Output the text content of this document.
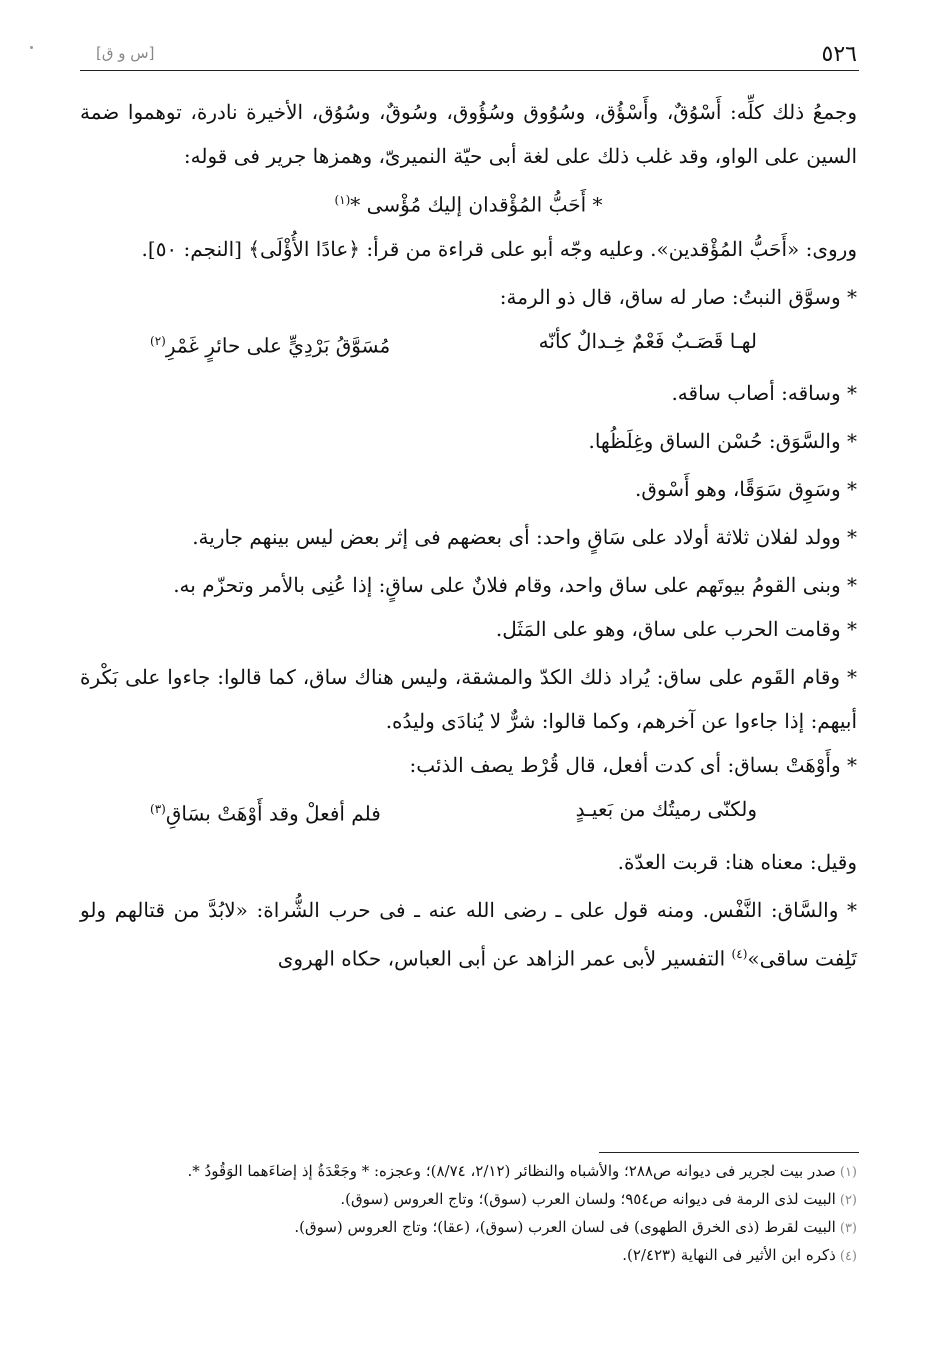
٥٢٦
[س و ق]

وجمعُ ذلك كلِّه: أَسْوُقٌ، وأَسْؤُق، وسُوُوق وسُؤُوق، وسُوقٌ، وسُوُق، الأخيرة نادرة، توهموا ضمة السين على الواو، وقد غلب ذلك على لغة أبى حيّة النميرىّ، وهمزها جرير فى قوله:

* أَحَبُّ المُؤْقدان إليك مُؤْسى *$^{(١)}$

وروى: «أَحَبُّ المُؤْقدين». وعليه وجّه أبو على قراءة من قرأ: ﴿عادًا الأُؤْلَى﴾ [النجم: ٥٠].

* وسوَّق النبتُ: صار له ساق، قال ذو الرمة:

لهـا قَصَـبٌ فَعْمٌ خِـدالٌ كأنّه
مُسَوَّقُ بَرْدِيٍّ على حائرٍ غَمْرِ$^{(٢)}$

* وساقه: أصاب ساقه.

* والسَّوَق: حُسْن الساق وغِلَظُها.

* وسَوِق سَوَقًا، وهو أَسْوق.

* وولد لفلان ثلاثة أولاد على سَاقٍ واحد: أى بعضهم فى إثر بعض ليس بينهم جارية.

* وبنى القومُ بيوتَهم على ساق واحد، وقام فلانٌ على ساقٍ: إذا عُنِى بالأمر وتحزّم به.

* وقامت الحرب على ساق، وهو على المَثَل.

* وقام القَوم على ساق: يُراد ذلك الكدّ والمشقة، وليس هناك ساق، كما قالوا: جاءوا على بَكْرة أبيهم: إذا جاءوا عن آخرهم، وكما قالوا: شرٌّ لا يُنادَى وليدُه.

* وأَوْهَتْ بساق: أى كدت أفعل، قال قُرْط يصف الذئب:

ولكنّى رميتُك من بَعيـدٍ
فلم أفعلْ وقد أَوْهَتْ بسَاقِ$^{(٣)}$

وقيل: معناه هنا: قربت العدّة.

* والسَّاق: النَّفْس. ومنه قول على ـ رضى الله عنه ـ فى حرب الشُّراة: «لابُدَّ من قتالهم ولو تَلِفت ساقى»$^{(٤)}$ التفسير لأبى عمر الزاهد عن أبى العباس، حكاه الهروى

(١)صدر بيت لجرير فى ديوانه ص٢٨٨؛ والأشباه والنظائر (٢/١٢، ٨/٧٤)؛ وعجزه: * وجَعْدَةُ إذ إضاءَهما الوَقُودُ *.

(٢)البيت لذى الرمة فى ديوانه ص٩٥٤؛ ولسان العرب (سوق)؛ وتاج العروس (سوق).

(٣)البيت لقرط (ذى الخرق الطهوى) فى لسان العرب (سوق)، (عقا)؛ وتاج العروس (سوق).

(٤)ذكره ابن الأثير فى النهاية (٢/٤٢٣).
